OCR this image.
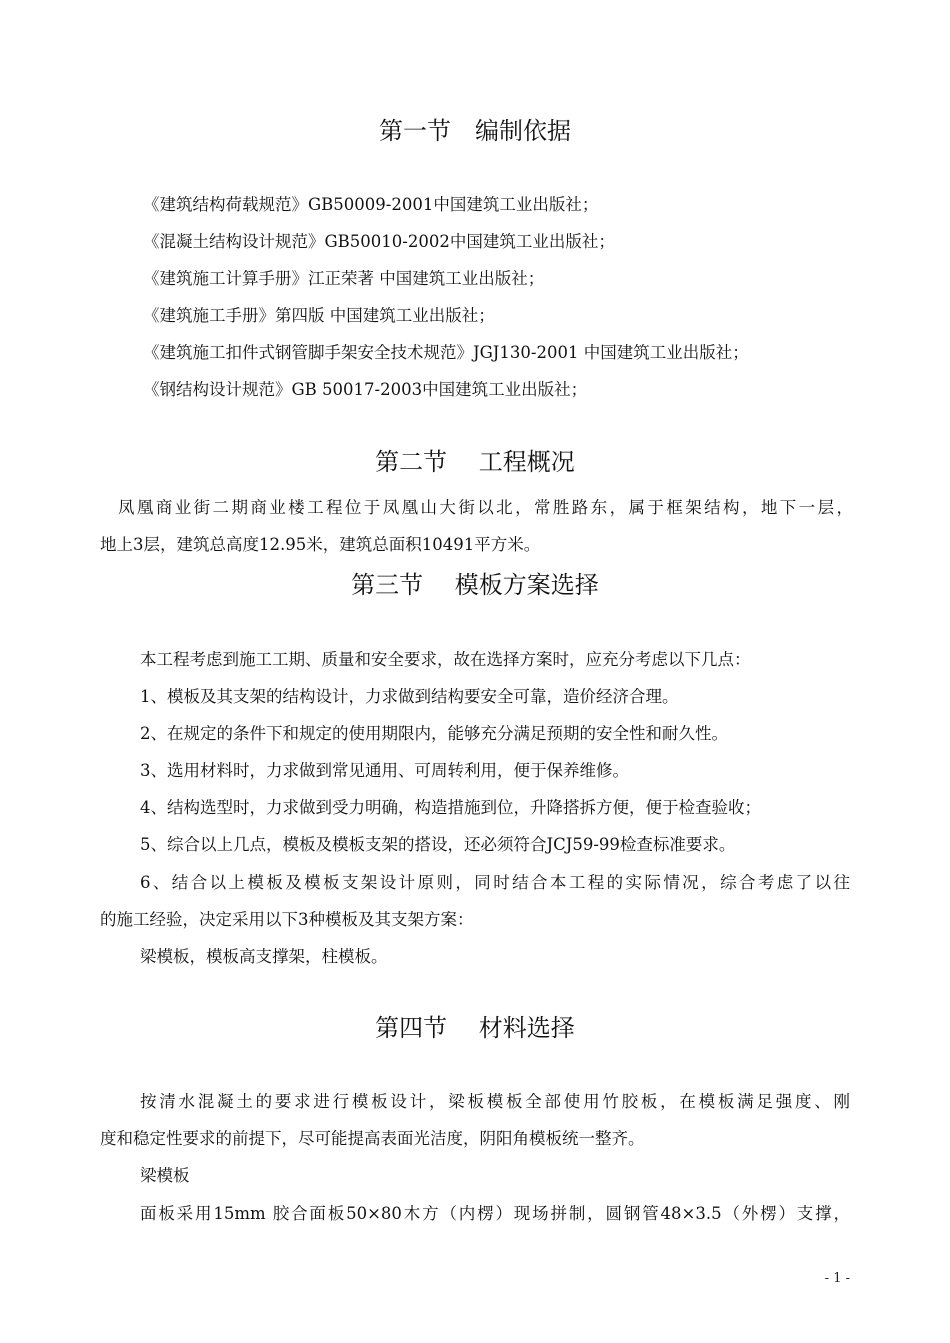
第一节　编制依据

《建筑结构荷载规范》GB50009-2001中国建筑工业出版社；

《混凝土结构设计规范》GB50010-2002中国建筑工业出版社；

《建筑施工计算手册》江正荣著 中国建筑工业出版社；

《建筑施工手册》第四版 中国建筑工业出版社；

《建筑施工扣件式钢管脚手架安全技术规范》JGJ130-2001 中国建筑工业出版社；

《钢结构设计规范》GB 50017-2003中国建筑工业出版社；

第二节　 工程概况

凤凰商业街二期商业楼工程位于凤凰山大街以北，常胜路东，属于框架结构，地下一层，

地上3层，建筑总高度12.95米，建筑总面积10491平方米。

第三节　 模板方案选择

本工程考虑到施工工期、质量和安全要求，故在选择方案时，应充分考虑以下几点：

1、模板及其支架的结构设计，力求做到结构要安全可靠，造价经济合理。

2、在规定的条件下和规定的使用期限内，能够充分满足预期的安全性和耐久性。

3、选用材料时，力求做到常见通用、可周转利用，便于保养维修。

4、结构选型时，力求做到受力明确，构造措施到位，升降搭拆方便，便于检查验收；

5、综合以上几点，模板及模板支架的搭设，还必须符合JCJ59-99检查标准要求。

6、结合以上模板及模板支架设计原则，同时结合本工程的实际情况，综合考虑了以往

的施工经验，决定采用以下3种模板及其支架方案：

梁模板，模板高支撑架，柱模板。

第四节　 材料选择

按清水混凝土的要求进行模板设计，梁板模板全部使用竹胶板，在模板满足强度、刚

度和稳定性要求的前提下，尽可能提高表面光洁度，阴阳角模板统一整齐。

梁模板

面板采用15mm 胶合面板50×80木方（内楞）现场拼制，圆钢管48×3.5（外楞）支撑，

- 1 -
